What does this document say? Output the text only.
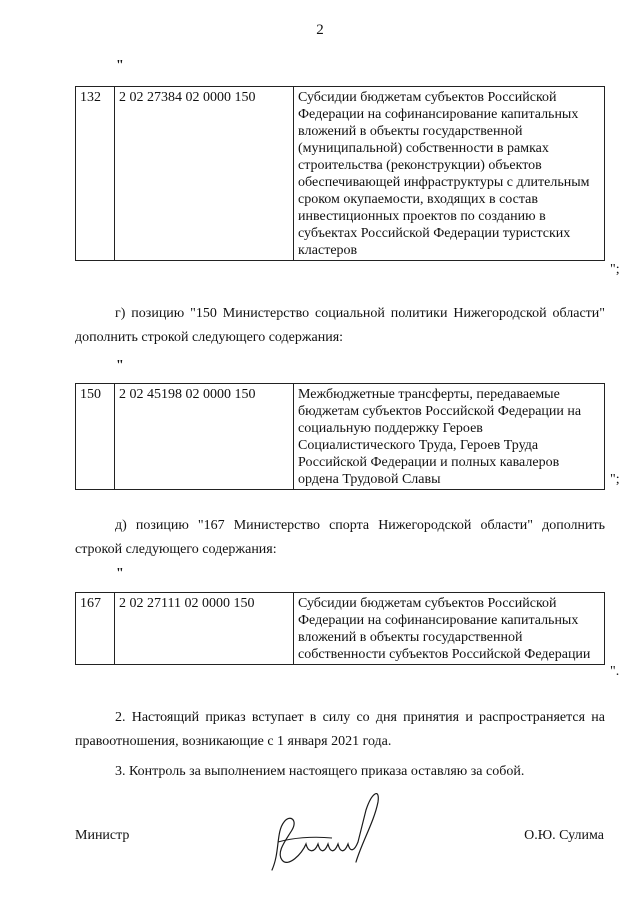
2
"
132	2 02 27384 02 0000 150	Субсидии бюджетам субъектов Российской Федерации на софинансирование капитальных вложений в объекты государственной (муниципальной) собственности в рамках строительства (реконструкции) объектов обеспечивающей инфраструктуры с длительным сроком окупаемости, входящих в состав инвестиционных проектов по созданию в субъектах Российской Федерации туристских кластеров
";

г) позицию "150 Министерство социальной политики Нижегородской области" дополнить строкой следующего содержания:

"
150	2 02 45198 02 0000 150	Межбюджетные трансферты, передаваемые бюджетам субъектов Российской Федерации на социальную поддержку Героев Социалистического Труда, Героев Труда Российской Федерации и полных кавалеров ордена Трудовой Славы	";

д) позицию "167 Министерство спорта Нижегородской области" дополнить строкой следующего содержания:

"
167	2 02 27111 02 0000 150	Субсидии бюджетам субъектов Российской Федерации на софинансирование капитальных вложений в объекты государственной собственности субъектов Российской Федерации
".

2. Настоящий приказ вступает в силу со дня принятия и распространяется на правоотношения, возникающие с 1 января 2021 года.

3. Контроль за выполнением настоящего приказа оставляю за собой.

Министр	О.Ю. Сулима
